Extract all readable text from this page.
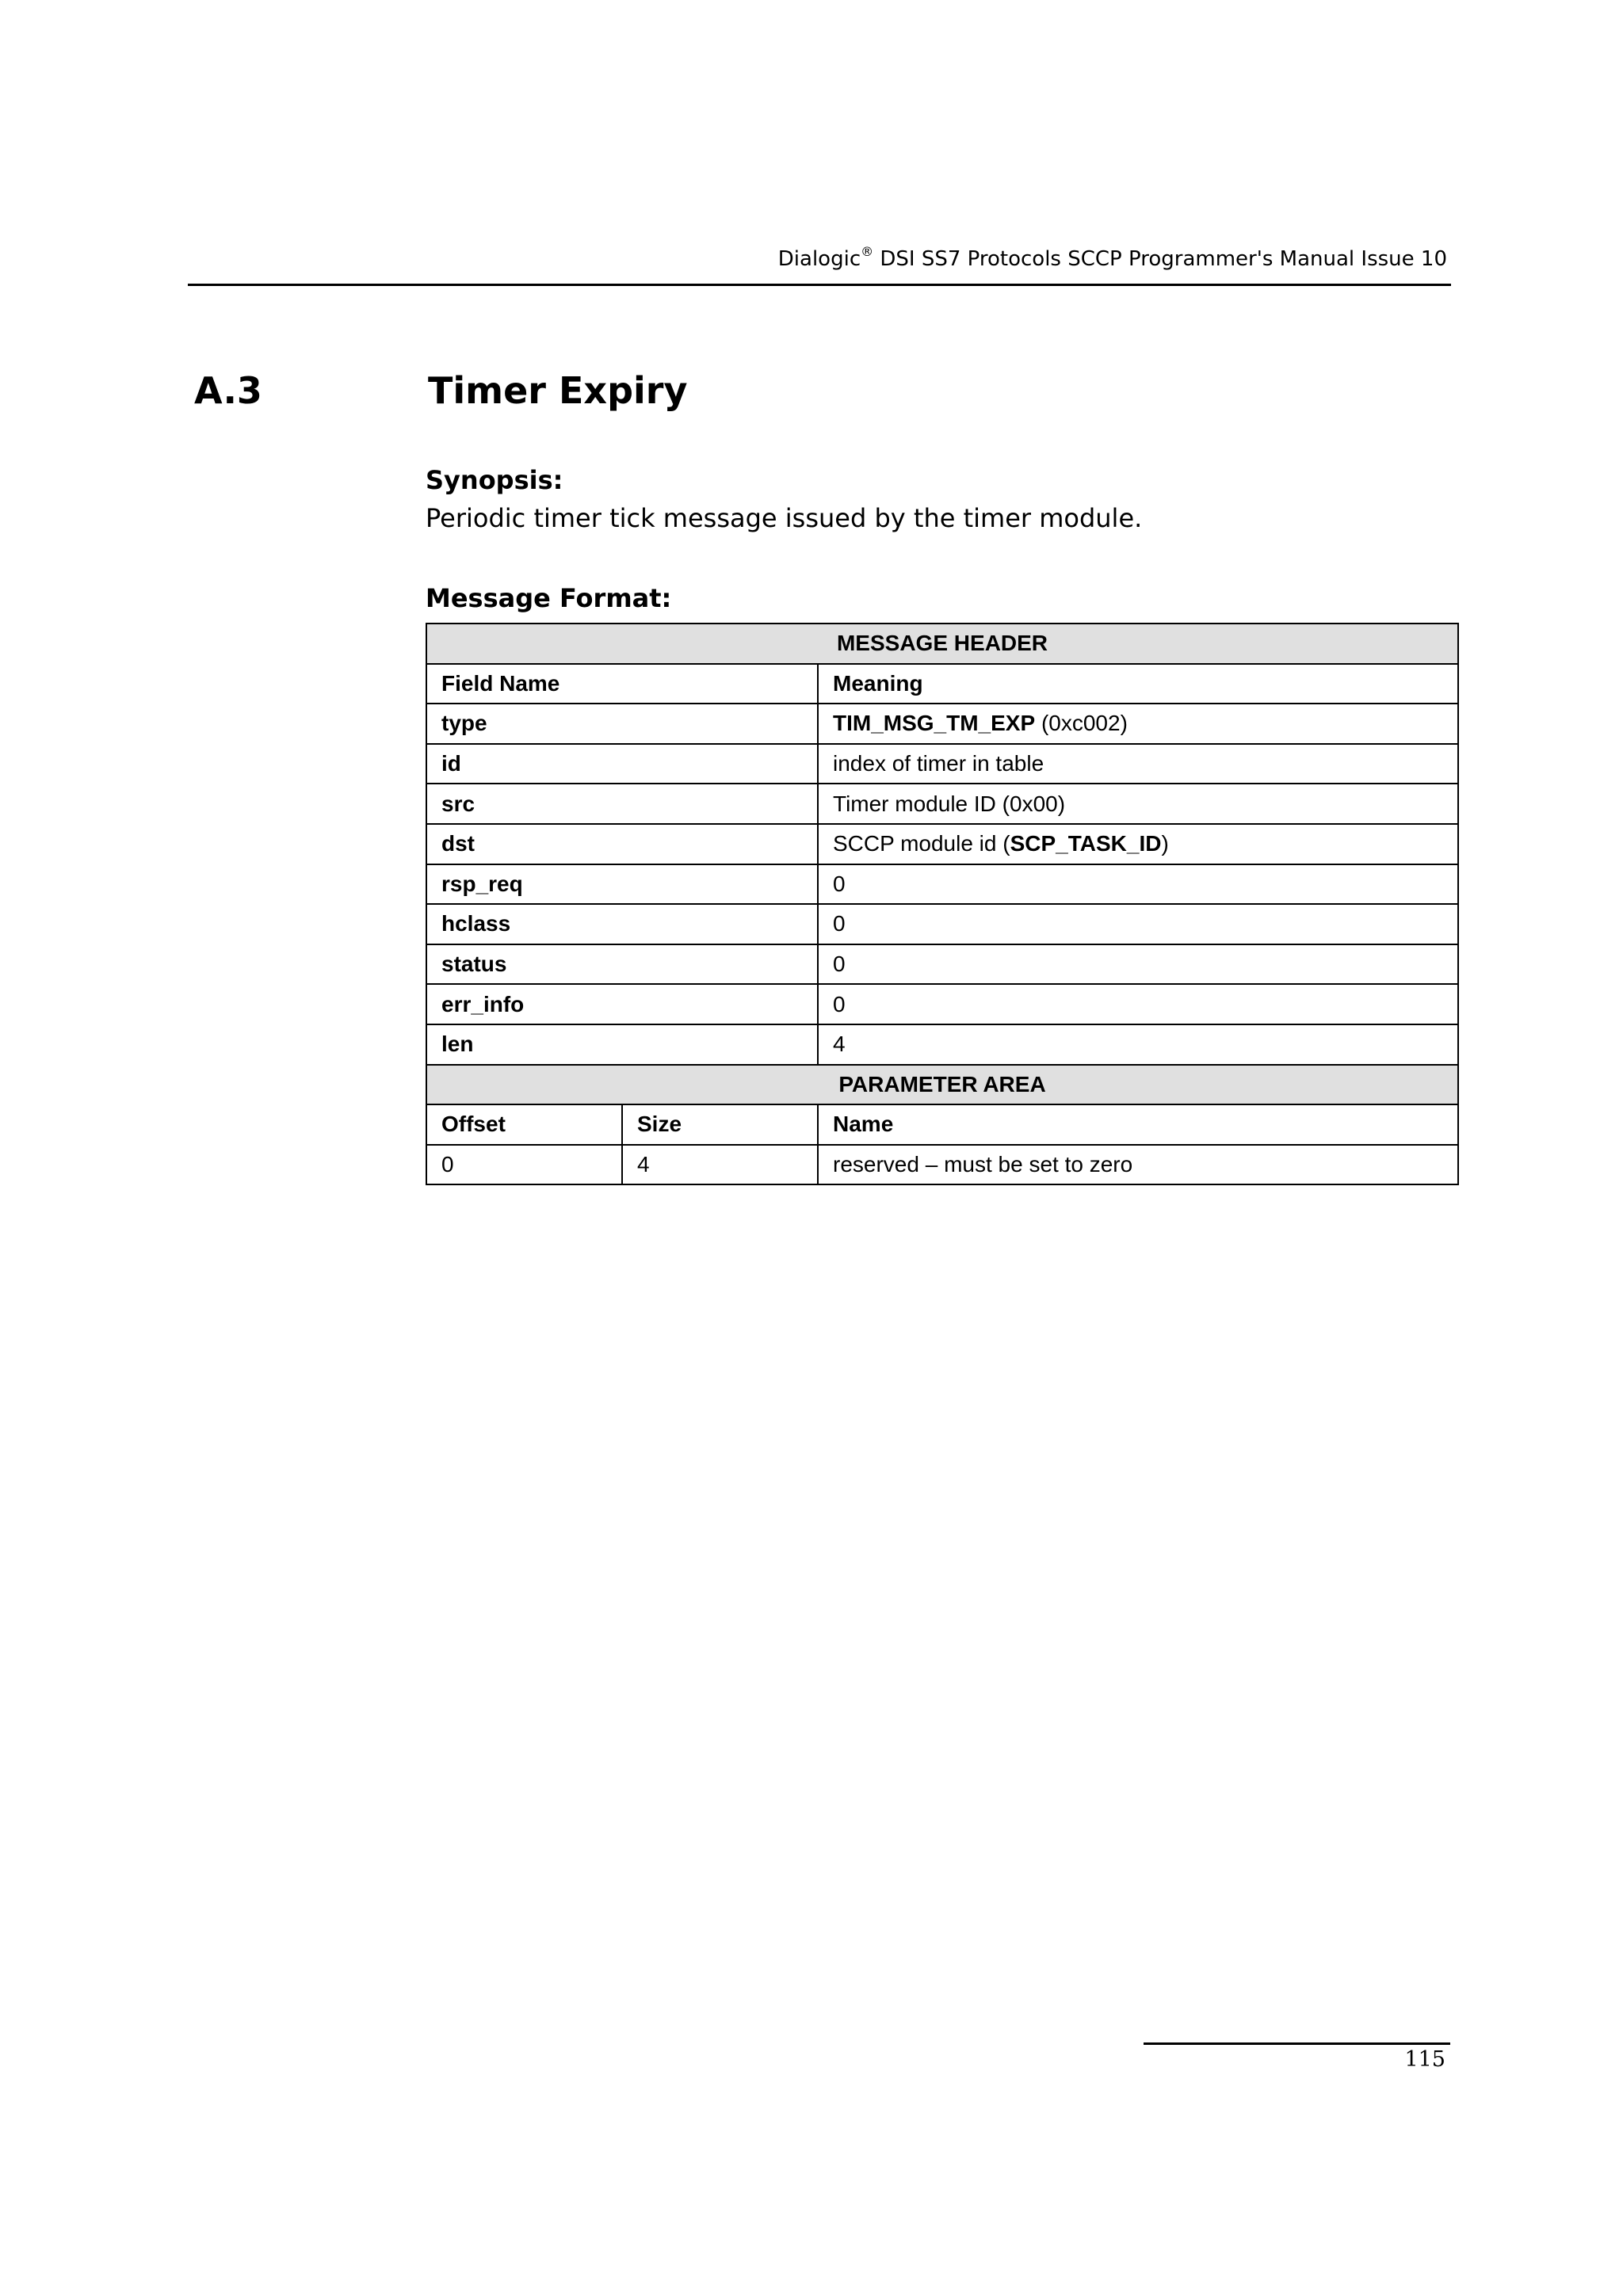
Dialogic® DSI SS7 Protocols SCCP Programmer's Manual Issue 10
A.3	Timer Expiry
Synopsis:
Periodic timer tick message issued by the timer module.
Message Format:
MESSAGE HEADER		
Field Name		Meaning
type		TIM_MSG_TM_EXP (0xc002)
id		index of timer in table
src		Timer module ID (0x00)
dst		SCCP module id (SCP_TASK_ID)
rsp_req		0
hclass		0
status		0
err_info		0
len		4
PARAMETER AREA		
Offset	Size	Name
0	4	reserved – must be set to zero
115
